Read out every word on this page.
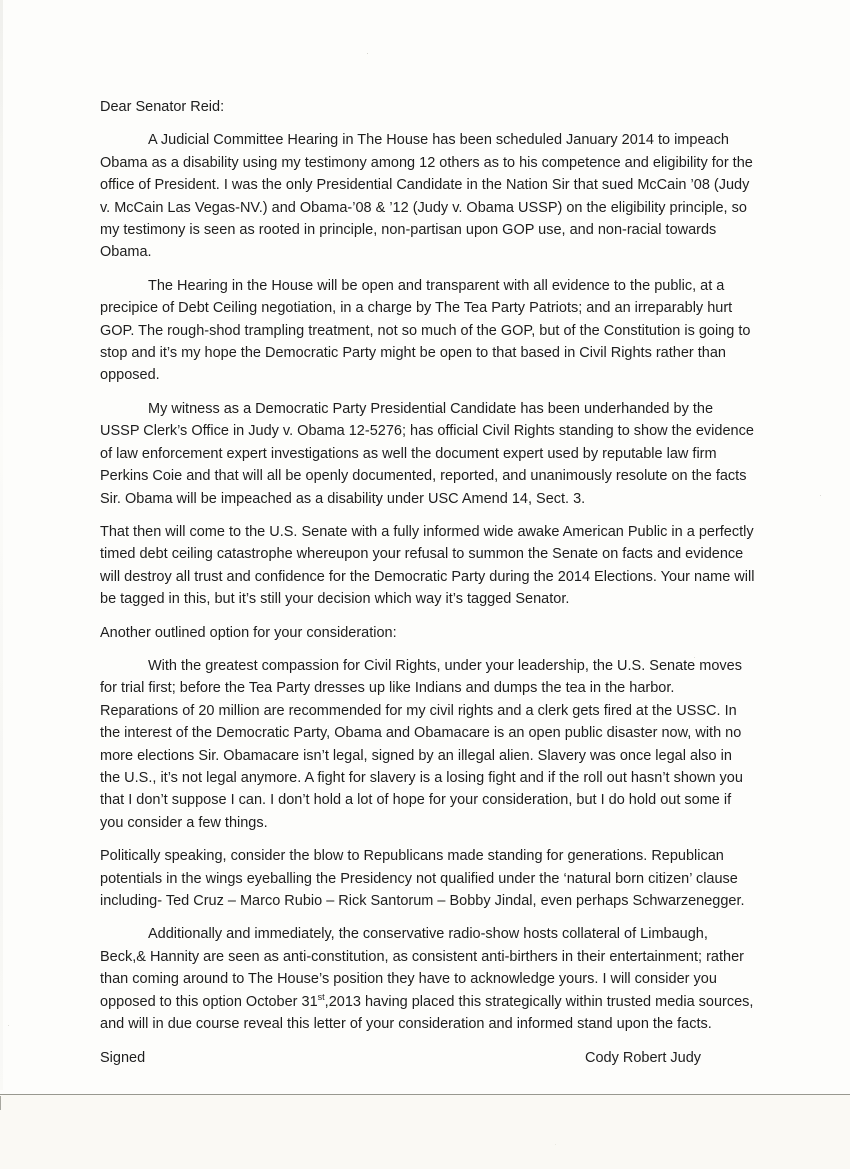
Dear Senator Reid:

A Judicial Committee Hearing in The House has been scheduled January 2014 to impeach Obama as a disability using my testimony among 12 others as to his competence and eligibility for the office of President. I was the only Presidential Candidate in the Nation Sir that sued McCain ’08 (Judy v. McCain Las Vegas-NV.) and Obama-’08 & ’12 (Judy v. Obama USSP) on the eligibility principle, so my testimony is seen as rooted in principle, non-partisan upon GOP use, and non-racial towards Obama.

The Hearing in the House will be open and transparent with all evidence to the public, at a precipice of Debt Ceiling negotiation, in a charge by The Tea Party Patriots; and an irreparably hurt GOP. The rough-shod trampling treatment, not so much of the GOP, but of the Constitution is going to stop and it’s my hope the Democratic Party might be open to that based in Civil Rights rather than opposed.

My witness as a Democratic Party Presidential Candidate has been underhanded by the USSP Clerk’s Office in Judy v. Obama 12-5276; has official Civil Rights standing to show the evidence of law enforcement expert investigations as well the document expert used by reputable law firm Perkins Coie and that will all be openly documented, reported, and unanimously resolute on the facts Sir. Obama will be impeached as a disability under USC Amend 14, Sect. 3.

That then will come to the U.S. Senate with a fully informed wide awake American Public in a perfectly timed debt ceiling catastrophe whereupon your refusal to summon the Senate on facts and evidence will destroy all trust and confidence for the Democratic Party during the 2014 Elections. Your name will be tagged in this, but it’s still your decision which way it’s tagged Senator.

Another outlined option for your consideration:

With the greatest compassion for Civil Rights, under your leadership, the U.S. Senate moves for trial first; before the Tea Party dresses up like Indians and dumps the tea in the harbor. Reparations of 20 million are recommended for my civil rights and a clerk gets fired at the USSC. In the interest of the Democratic Party, Obama and Obamacare is an open public disaster now, with no more elections Sir. Obamacare isn’t legal, signed by an illegal alien. Slavery was once legal also in the U.S., it’s not legal anymore. A fight for slavery is a losing fight and if the roll out hasn’t shown you that I don’t suppose I can. I don’t hold a lot of hope for your consideration, but I do hold out some if you consider a few things.

Politically speaking, consider the blow to Republicans made standing for generations. Republican potentials in the wings eyeballing the Presidency not qualified under the ‘natural born citizen’ clause including- Ted Cruz – Marco Rubio – Rick Santorum – Bobby Jindal, even perhaps Schwarzenegger.

Additionally and immediately, the conservative radio-show hosts collateral of Limbaugh, Beck,& Hannity are seen as anti-constitution, as consistent anti-birthers in their entertainment; rather than coming around to The House’s position they have to acknowledge yours. I will consider you opposed to this option October 31st,2013 having placed this strategically within trusted media sources, and will in due course reveal this letter of your consideration and informed stand upon the facts.

Signed	Cody Robert Judy
